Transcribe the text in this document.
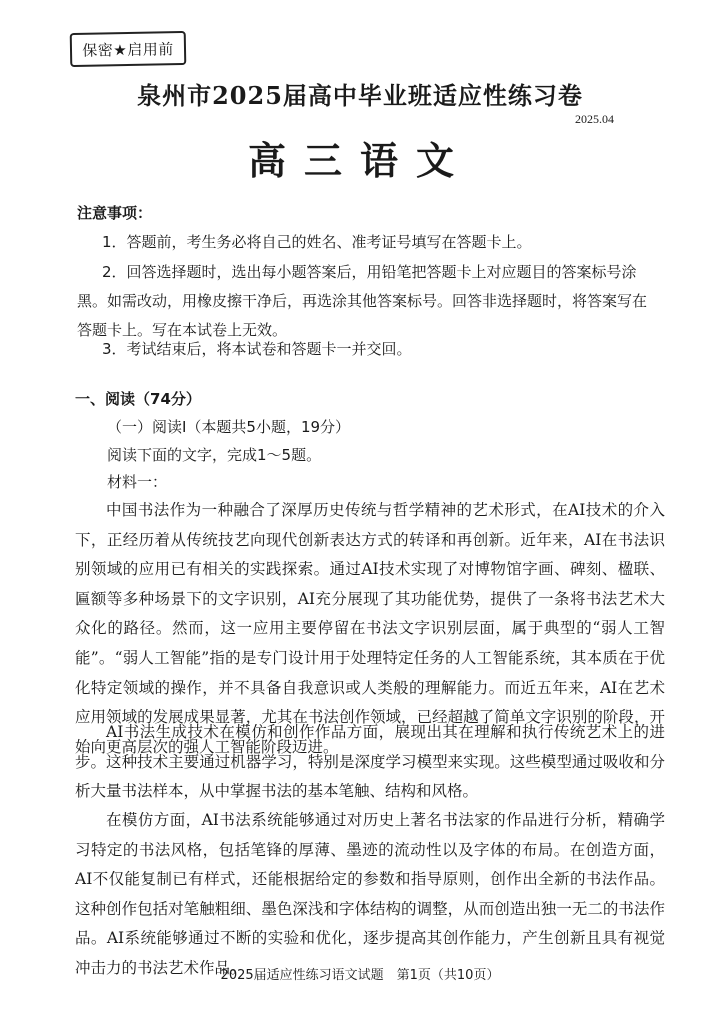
保密★启用前
泉州市2025届高中毕业班适应性练习卷
2025.04
高三语文
注意事项：
1．答题前，考生务必将自己的姓名、准考证号填写在答题卡上。
2．回答选择题时，选出每小题答案后，用铅笔把答题卡上对应题目的答案标号涂黑。如需改动，用橡皮擦干净后，再选涂其他答案标号。回答非选择题时，将答案写在答题卡上。写在本试卷上无效。
3．考试结束后，将本试卷和答题卡一并交回。
一、阅读（74分）
（一）阅读Ⅰ（本题共5小题，19分）
阅读下面的文字，完成1～5题。
材料一：
中国书法作为一种融合了深厚历史传统与哲学精神的艺术形式，在AI技术的介入下，正经历着从传统技艺向现代创新表达方式的转译和再创新。近年来，AI在书法识别领域的应用已有相关的实践探索。通过AI技术实现了对博物馆字画、碑刻、楹联、匾额等多种场景下的文字识别，AI充分展现了其功能优势，提供了一条将书法艺术大众化的路径。然而，这一应用主要停留在书法文字识别层面，属于典型的“弱人工智能”。“弱人工智能”指的是专门设计用于处理特定任务的人工智能系统，其本质在于优化特定领域的操作，并不具备自我意识或人类般的理解能力。而近五年来，AI在艺术应用领域的发展成果显著，尤其在书法创作领域，已经超越了简单文字识别的阶段，开始向更高层次的强人工智能阶段迈进。
AI书法生成技术在模仿和创作作品方面，展现出其在理解和执行传统艺术上的进步。这种技术主要通过机器学习，特别是深度学习模型来实现。这些模型通过吸收和分析大量书法样本，从中掌握书法的基本笔触、结构和风格。
在模仿方面，AI书法系统能够通过对历史上著名书法家的作品进行分析，精确学习特定的书法风格，包括笔锋的厚薄、墨迹的流动性以及字体的布局。在创造方面，AI不仅能复制已有样式，还能根据给定的参数和指导原则，创作出全新的书法作品。这种创作包括对笔触粗细、墨色深浅和字体结构的调整，从而创造出独一无二的书法作品。AI系统能够通过不断的实验和优化，逐步提高其创作能力，产生创新且具有视觉冲击力的书法艺术作品。
2025届适应性练习语文试题　第1页（共10页）
